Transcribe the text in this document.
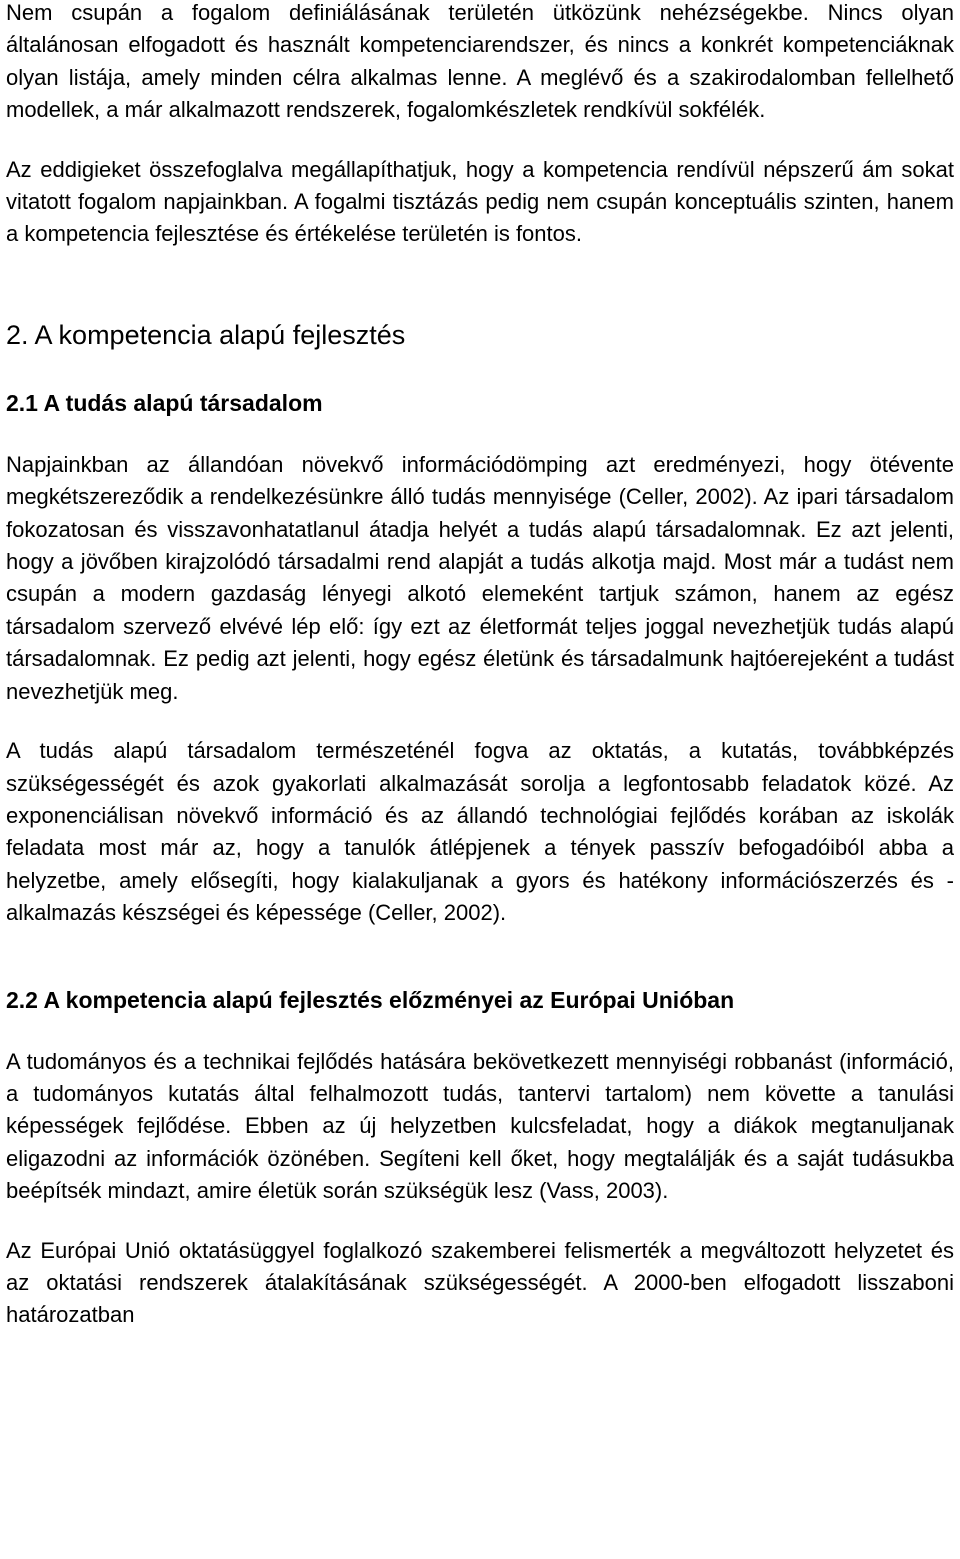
Nem csupán a fogalom definiálásának területén ütközünk nehézségekbe. Nincs olyan általánosan elfogadott és használt kompetenciarendszer, és nincs a konkrét kompetenciáknak olyan listája, amely minden célra alkalmas lenne. A meglévő és a szakirodalomban fellelhető modellek, a már alkalmazott rendszerek, fogalomkészletek rendkívül sokfélék.

Az eddigieket összefoglalva megállapíthatjuk, hogy a kompetencia rendívül népszerű ám sokat vitatott fogalom napjainkban. A fogalmi tisztázás pedig nem csupán konceptuális szinten, hanem a kompetencia fejlesztése és értékelése területén is fontos.

2. A kompetencia alapú fejlesztés
2.1 A tudás alapú társadalom

Napjainkban az állandóan növekvő információdömping azt eredményezi, hogy ötévente megkétszereződik a rendelkezésünkre álló tudás mennyisége (Celler, 2002). Az ipari társadalom fokozatosan és visszavonhatatlanul átadja helyét a tudás alapú társadalomnak. Ez azt jelenti, hogy a jövőben kirajzolódó társadalmi rend alapját a tudás alkotja majd. Most már a tudást nem csupán a modern gazdaság lényegi alkotó elemeként tartjuk számon, hanem az egész társadalom szervező elvévé lép elő: így ezt az életformát teljes joggal nevezhetjük tudás alapú társadalomnak. Ez pedig azt jelenti, hogy egész életünk és társadalmunk hajtóerejeként a tudást nevezhetjük meg.

A tudás alapú társadalom természeténél fogva az oktatás, a kutatás, továbbképzés szükségességét és azok gyakorlati alkalmazását sorolja a legfontosabb feladatok közé. Az exponenciálisan növekvő információ és az állandó technológiai fejlődés korában az iskolák feladata most már az, hogy a tanulók átlépjenek a tények passzív befogadóiból abba a helyzetbe, amely elősegíti, hogy kialakuljanak a gyors és hatékony információszerzés és - alkalmazás készségei és képessége (Celler, 2002).

2.2 A kompetencia alapú fejlesztés előzményei az Európai Unióban

A tudományos és a technikai fejlődés hatására bekövetkezett mennyiségi robbanást (információ, a tudományos kutatás által felhalmozott tudás, tantervi tartalom) nem követte a tanulási képességek fejlődése. Ebben az új helyzetben kulcsfeladat, hogy a diákok megtanuljanak eligazodni az információk özönében. Segíteni kell őket, hogy megtalálják és a saját tudásukba beépítsék mindazt, amire életük során szükségük lesz (Vass, 2003).

Az Európai Unió oktatásüggyel foglalkozó szakemberei felismerték a megváltozott helyzetet és az oktatási rendszerek átalakításának szükségességét. A 2000-ben elfogadott lisszaboni határozatban
